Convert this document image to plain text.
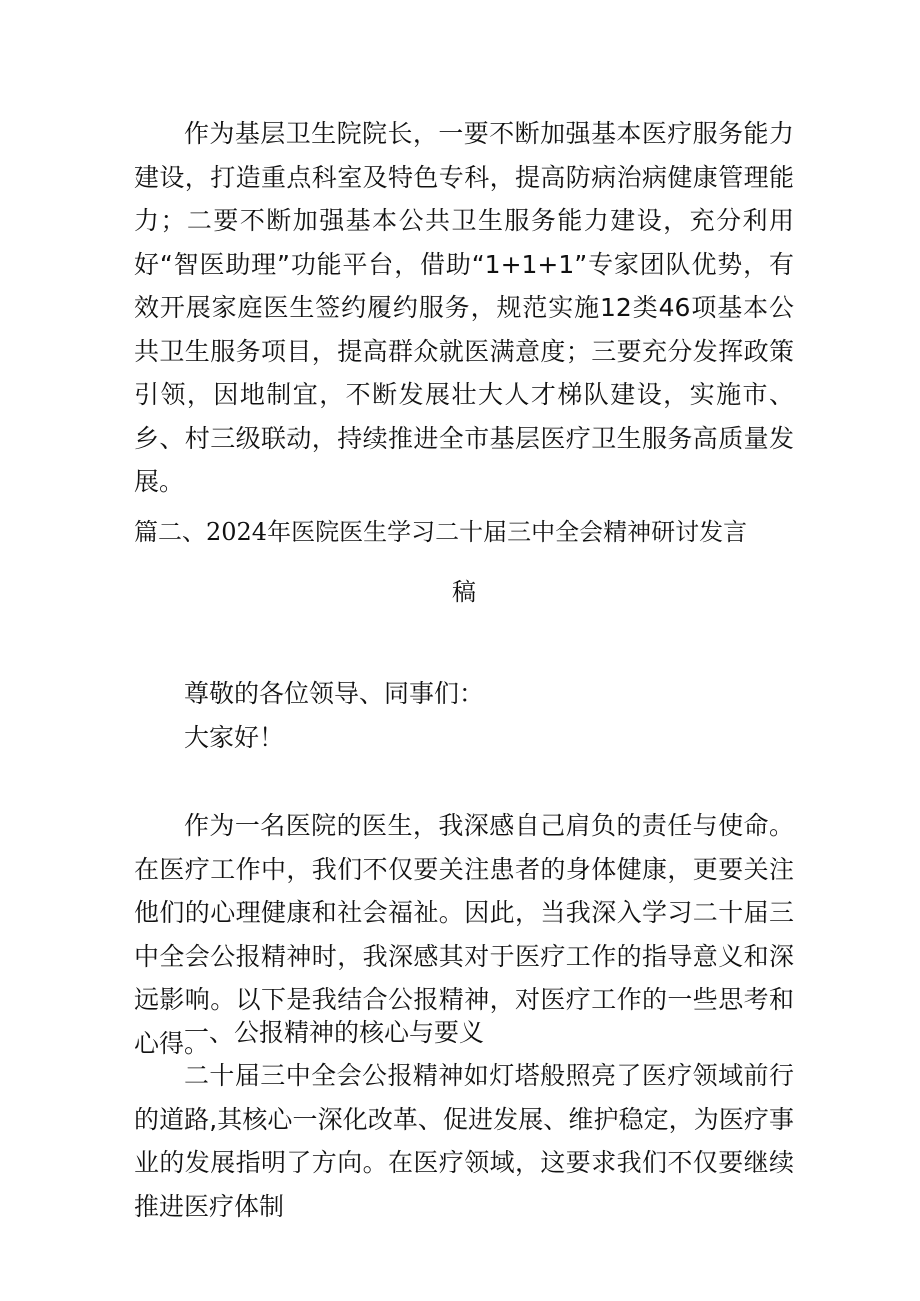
作为基层卫生院院长，一要不断加强基本医疗服务能力建设，打造重点科室及特色专科，提高防病治病健康管理能力；二要不断加强基本公共卫生服务能力建设，充分利用好“智医助理”功能平台，借助“1+1+1”专家团队优势，有效开展家庭医生签约履约服务，规范实施12类46项基本公共卫生服务项目，提高群众就医满意度；三要充分发挥政策引领，因地制宜，不断发展壮大人才梯队建设，实施市、乡、村三级联动，持续推进全市基层医疗卫生服务高质量发展。

篇二、2024年医院医生学习二十届三中全会精神研讨发言
稿

尊敬的各位领导、同事们：

大家好！

作为一名医院的医生，我深感自己肩负的责任与使命。在医疗工作中，我们不仅要关注患者的身体健康，更要关注他们的心理健康和社会福祉。因此，当我深入学习二十届三中全会公报精神时，我深感其对于医疗工作的指导意义和深远影响。以下是我结合公报精神，对医疗工作的一些思考和心得。

一、公报精神的核心与要义

二十届三中全会公报精神如灯塔般照亮了医疗领域前行的道路,其核心一深化改革、促进发展、维护稳定，为医疗事业的发展指明了方向。在医疗领域，这要求我们不仅要继续推进医疗体制
